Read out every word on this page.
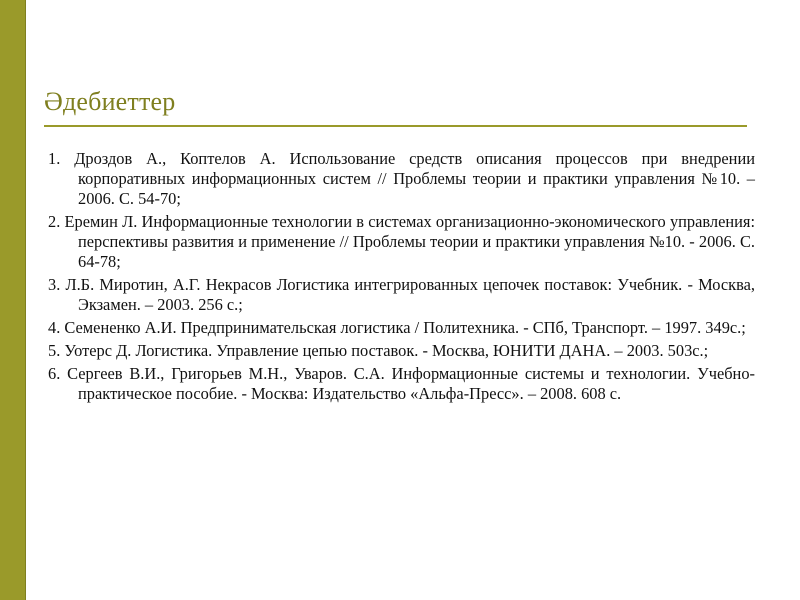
Әдебиеттер

1. Дроздов А., Коптелов А. Использование средств описания процессов при внедрении корпоративных информационных систем // Проблемы теории и практики управления №10. – 2006. С. 54-70;

2. Еремин Л. Информационные технологии в системах организационно-экономического управления: перспективы развития и применение // Проблемы теории и практики управления №10. - 2006. С. 64-78;

3. Л.Б. Миротин, А.Г. Некрасов Логистика интегрированных цепочек поставок: Учебник. - Москва, Экзамен. – 2003. 256 с.;

4. Семененко А.И. Предпринимательская логистика / Политехника. - СПб, Транспорт. – 1997. 349с.;

5. Уотерс Д. Логистика. Управление цепью поставок. - Москва, ЮНИТИ ДАНА. – 2003. 503с.;

6. Сергеев В.И., Григорьев М.Н., Уваров. С.А. Информационные системы и технологии. Учебно-практическое пособие. - Москва: Издательство «Альфа-Пресс». – 2008. 608 с.
